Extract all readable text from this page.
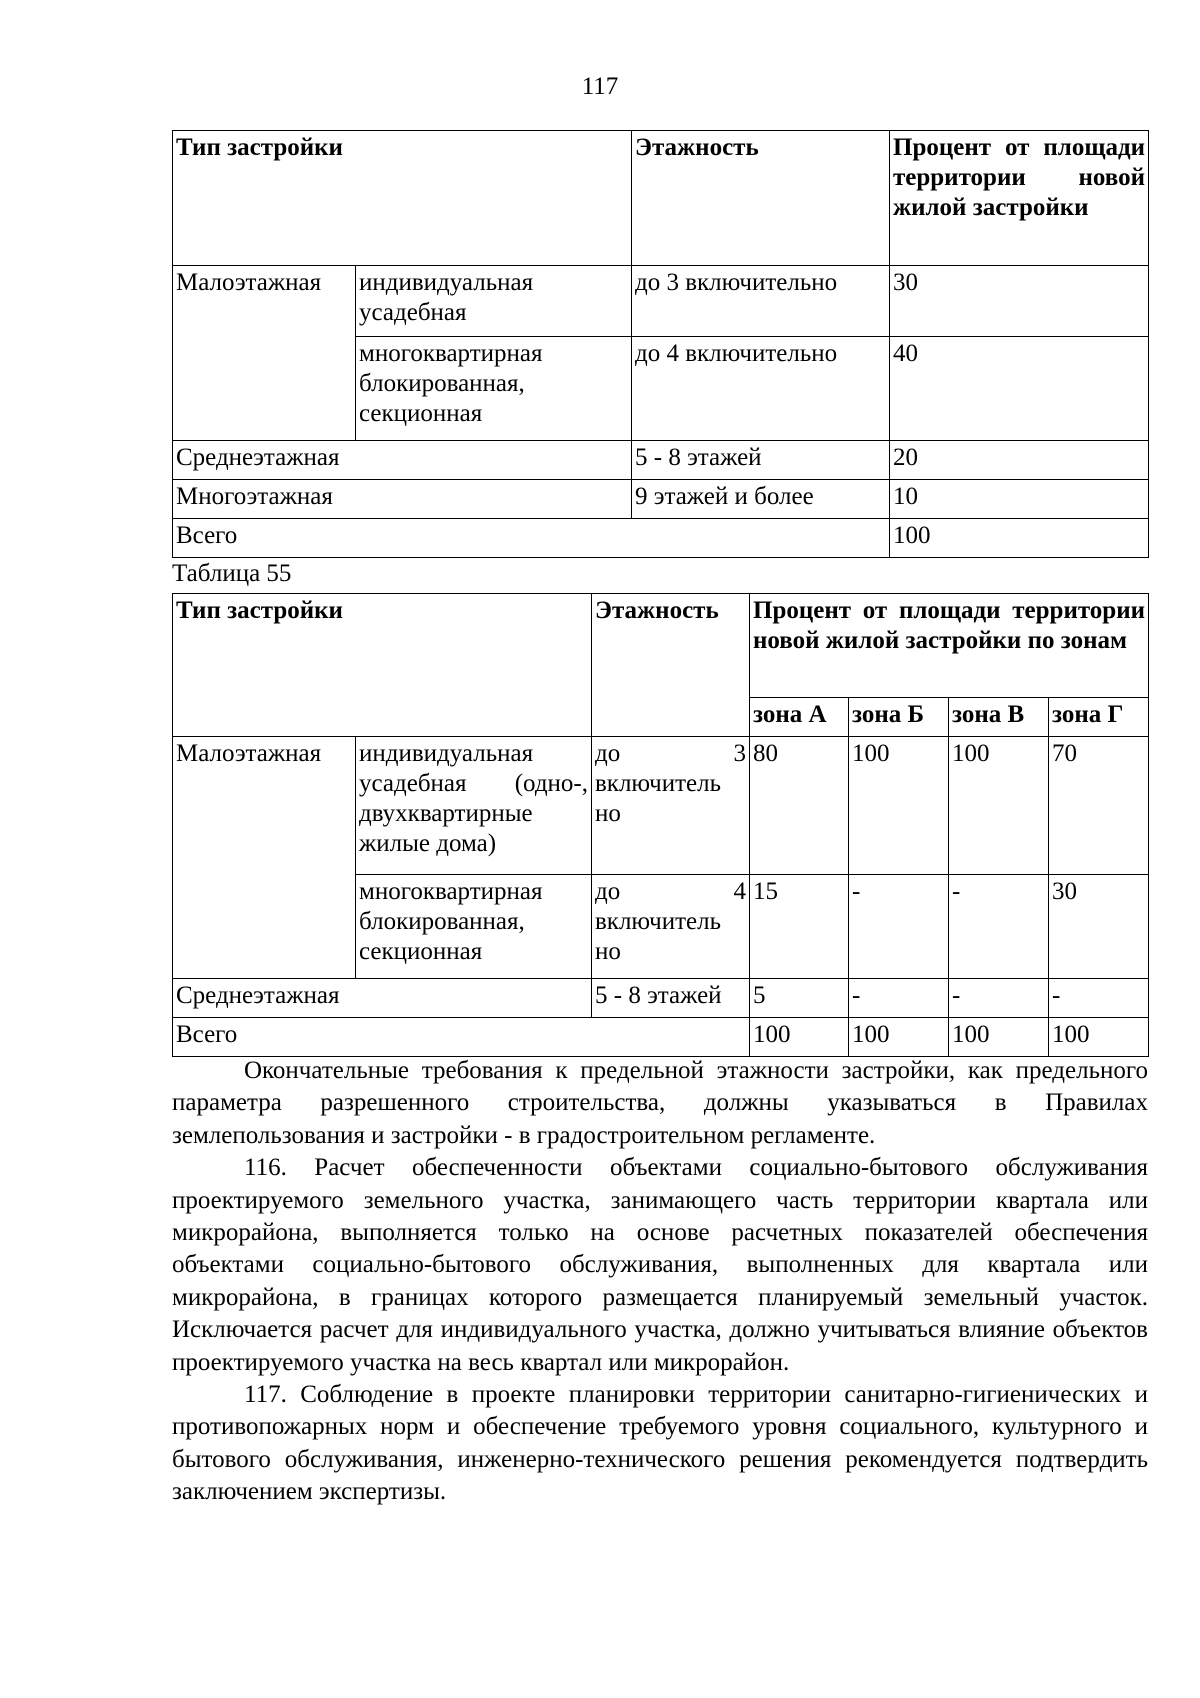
117
Тип застройки		Этажность	Процент от площади территории новой жилой застройки
Малоэтажная	индивидуальная усадебная	до 3 включительно	30
	многоквартирная блокированная, секционная	до 4 включительно	40
Среднеэтажная		5 - 8 этажей	20
Многоэтажная		9 этажей и более	10
Всего			100
Таблица 55
Тип застройки		Этажность	Процент от площади территории новой жилой застройки по зонам			
			зона А	зона Б	зона В	зона Г
Малоэтажная	индивидуальная усадебная (одно-, двухквартирные жилые дома)	до 3 включитель но	80	100	100	70
	многоквартирная блокированная, секционная	до 4 включитель но	15	-	-	30
Среднеэтажная		5 - 8 этажей	5	-	-	-
Всего			100	100	100	100

Окончательные требования к предельной этажности застройки, как предельного параметра разрешенного строительства, должны указываться в Правилах землепользования и застройки - в градостроительном регламенте.

116. Расчет обеспеченности объектами социально-бытового обслуживания проектируемого земельного участка, занимающего часть территории квартала или микрорайона, выполняется только на основе расчетных показателей обеспечения объектами социально-бытового обслуживания, выполненных для квартала или микрорайона, в границах которого размещается планируемый земельный участок. Исключается расчет для индивидуального участка, должно учитываться влияние объектов проектируемого участка на весь квартал или микрорайон.

117. Соблюдение в проекте планировки территории санитарно-гигиенических и противопожарных норм и обеспечение требуемого уровня социального, культурного и бытового обслуживания, инженерно-технического решения рекомендуется подтвердить заключением экспертизы.
